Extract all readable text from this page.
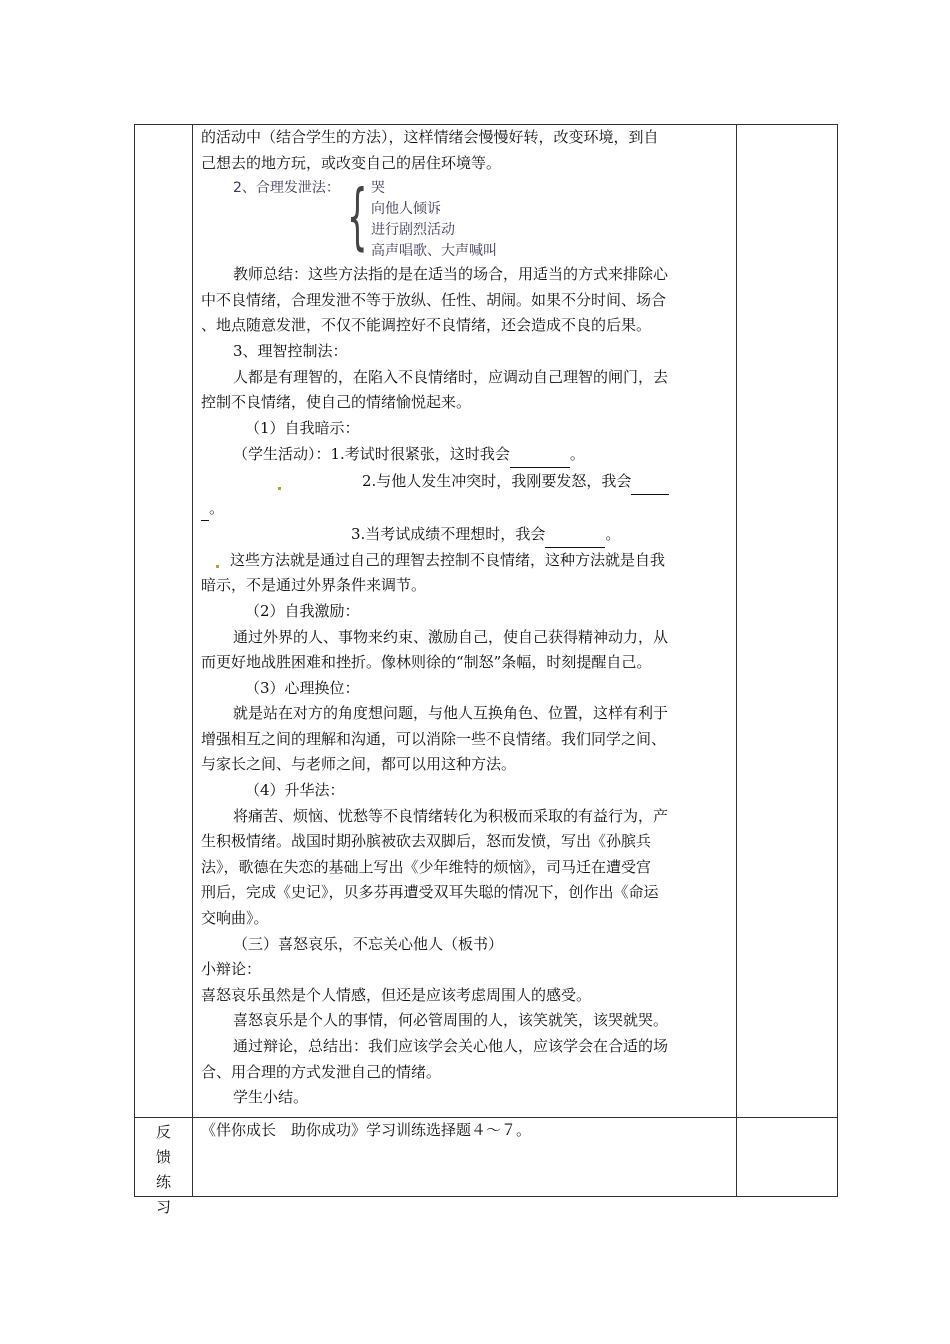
的活动中（结合学生的方法），这样情绪会慢慢好转，改变环境，到自
己想去的地方玩，或改变自己的居住环境等。
2、合理发泄法： { 哭
向他人倾诉
进行剧烈活动
高声唱歌、大声喊叫
教师总结：这些方法指的是在适当的场合，用适当的方式来排除心
中不良情绪，合理发泄不等于放纵、任性、胡闹。如果不分时间、场合
、地点随意发泄，不仅不能调控好不良情绪，还会造成不良的后果。
3、理智控制法：
人都是有理智的，在陷入不良情绪时，应调动自己理智的闸门，去
控制不良情绪，使自己的情绪愉悦起来。
（1）自我暗示：
（学生活动）：1.考试时很紧张，这时我会	。
2.与他人发生冲突时，我刚要发怒，我会
。
3.当考试成绩不理想时，我会	。
这些方法就是通过自己的理智去控制不良情绪，这种方法就是自我
暗示，不是通过外界条件来调节。
（2）自我激励：
通过外界的人、事物来约束、激励自己，使自己获得精神动力，从
而更好地战胜困难和挫折。像林则徐的“制怒”条幅，时刻提醒自己。
（3）心理换位：
就是站在对方的角度想问题，与他人互换角色、位置，这样有利于
增强相互之间的理解和沟通，可以消除一些不良情绪。我们同学之间、
与家长之间、与老师之间，都可以用这种方法。
（4）升华法：
将痛苦、烦恼、忧愁等不良情绪转化为积极而采取的有益行为，产
生积极情绪。战国时期孙膑被砍去双脚后，怒而发愤，写出《孙膑兵
法》，歌德在失恋的基础上写出《少年维特的烦恼》，司马迁在遭受宫
刑后，完成《史记》，贝多芬再遭受双耳失聪的情况下，创作出《命运
交响曲》。
（三）喜怒哀乐，不忘关心他人（板书）
小辩论：
喜怒哀乐虽然是个人情感，但还是应该考虑周围人的感受。
喜怒哀乐是个人的事情，何必管周围的人，该笑就笑，该哭就哭。
通过辩论，总结出：我们应该学会关心他人，应该学会在合适的场
合、用合理的方式发泄自己的情绪。
学生小结。
反
馈
练
习
《伴你成长　助你成功》学习训练选择题４～７。
